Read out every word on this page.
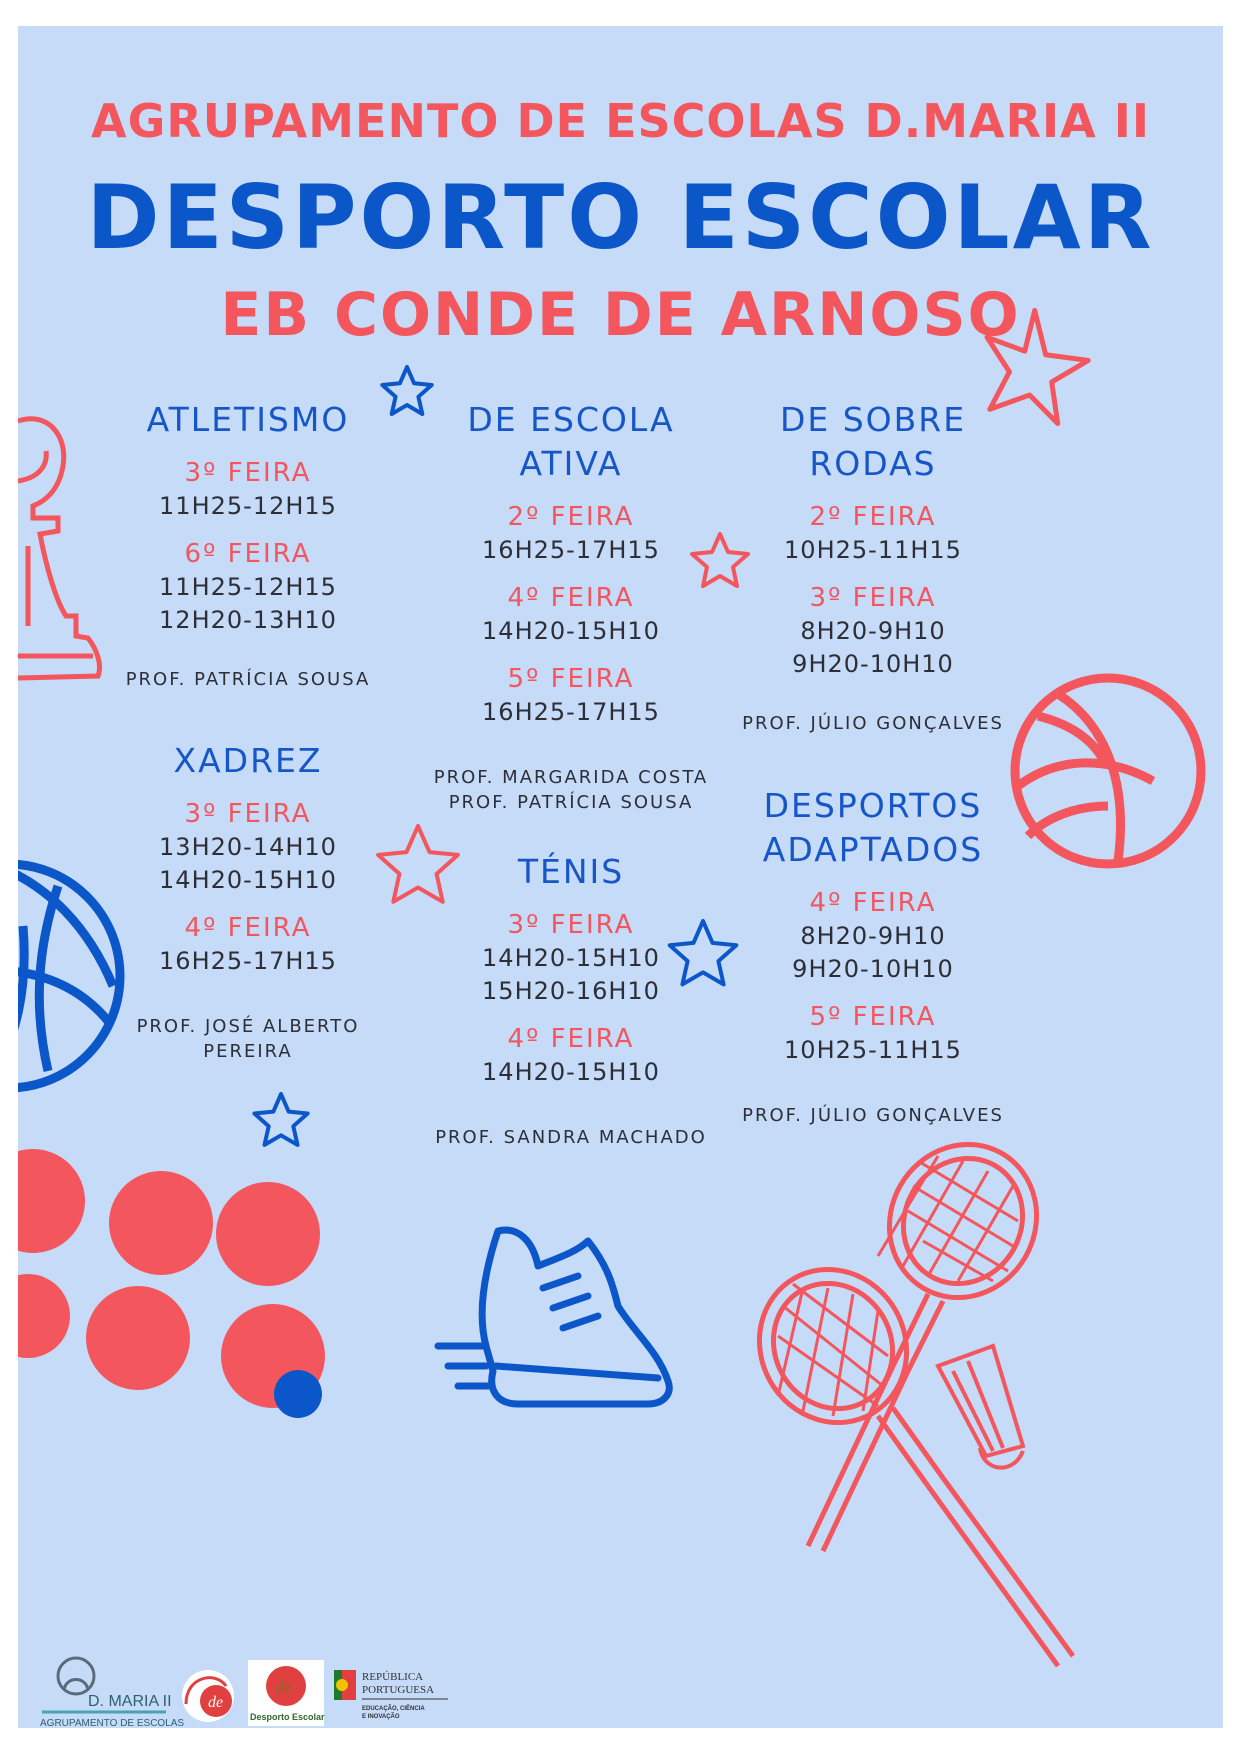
AGRUPAMENTO DE ESCOLAS D.MARIA II
DESPORTO ESCOLAR
EB CONDE DE ARNOSO
ATLETISMO
3º FEIRA
11H25-12H15
6º FEIRA
11H25-12H15
12H20-13H10
PROF. PATRÍCIA SOUSA
DE ESCOLA
ATIVA
2º FEIRA
16H25-17H15
4º FEIRA
14H20-15H10
5º FEIRA
16H25-17H15
PROF. MARGARIDA COSTA
PROF. PATRÍCIA SOUSA
DE SOBRE
RODAS
2º FEIRA
10H25-11H15
3º FEIRA
8H20-9H10
9H20-10H10
PROF. JÚLIO GONÇALVES
XADREZ
3º FEIRA
13H20-14H10
14H20-15H10
4º FEIRA
16H25-17H15
PROF. JOSÉ ALBERTO
PEREIRA
TÉNIS
3º FEIRA
14H20-15H10
15H20-16H10
4º FEIRA
14H20-15H10
PROF. SANDRA MACHADO
DESPORTOS
ADAPTADOS
4º FEIRA
8H20-9H10
9H20-10H10
5º FEIRA
10H25-11H15
PROF. JÚLIO GONÇALVES
D. MARIA II
AGRUPAMENTO DE ESCOLAS
VILA NOVA DE FAMALICÃO
de
de
Desporto Escolar
REPÚBLICA
PORTUGUESA
EDUCAÇÃO, CIÊNCIA
E INOVAÇÃO
